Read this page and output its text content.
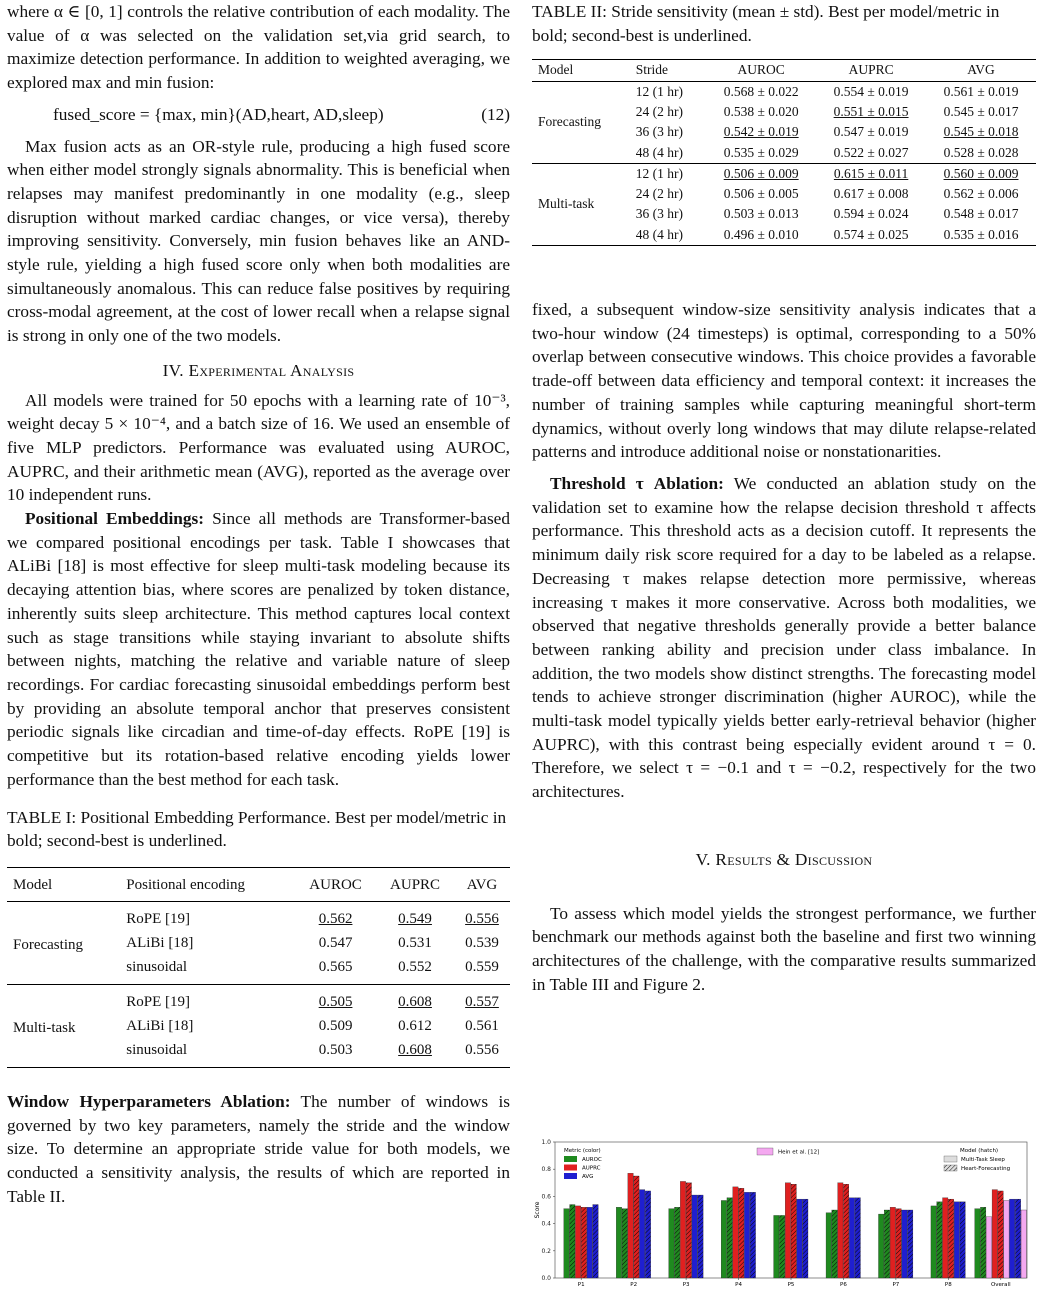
where α ∈ [0, 1] controls the relative contribution of each modality. The value of α was selected on the validation set,via grid search, to maximize detection performance. In addition to weighted averaging, we explored max and min fusion:

fused_score = {max, min}(AD,heart, AD,sleep)	(12)

Max fusion acts as an OR-style rule, producing a high fused score when either model strongly signals abnormality. This is beneficial when relapses may manifest predominantly in one modality (e.g., sleep disruption without marked cardiac changes, or vice versa), thereby improving sensitivity. Conversely, min fusion behaves like an AND-style rule, yielding a high fused score only when both modalities are simultaneously anomalous. This can reduce false positives by requiring cross-modal agreement, at the cost of lower recall when a relapse signal is strong in only one of the two models.

IV. Experimental Analysis

All models were trained for 50 epochs with a learning rate of 10⁻³, weight decay 5 × 10⁻⁴, and a batch size of 16. We used an ensemble of five MLP predictors. Performance was evaluated using AUROC, AUPRC, and their arithmetic mean (AVG), reported as the average over 10 independent runs.

Positional Embeddings: Since all methods are Transformer-based we compared positional encodings per task. Table I showcases that ALiBi [18] is most effective for sleep multi-task modeling because its decaying attention bias, where scores are penalized by token distance, inherently suits sleep architecture. This method captures local context such as stage transitions while staying invariant to absolute shifts between nights, matching the relative and variable nature of sleep recordings. For cardiac forecasting sinusoidal embeddings perform best by providing an absolute temporal anchor that preserves consistent periodic signals like circadian and time-of-day effects. RoPE [19] is competitive but its rotation-based relative encoding yields lower performance than the best method for each task.

TABLE I: Positional Embedding Performance. Best per model/metric in bold; second-best is underlined.

Model	Positional encoding	AUROC	AUPRC	AVG
Forecasting	RoPE [19]	0.562	0.549	0.556
	ALiBi [18]	0.547	0.531	0.539
	sinusoidal	0.565	0.552	0.559
Multi-task	RoPE [19]	0.505	0.608	0.557
	ALiBi [18]	0.509	0.612	0.561
	sinusoidal	0.503	0.608	0.556

Window Hyperparameters Ablation: The number of windows is governed by two key parameters, namely the stride and the window size. To determine an appropriate stride value for both models, we conducted a sensitivity analysis, the results of which are reported in Table II.

TABLE II: Stride sensitivity (mean ± std). Best per model/metric in bold; second-best is underlined.

Model	Stride	AUROC	AUPRC	AVG
Forecasting	12 (1 hr)	0.568 ± 0.022	0.554 ± 0.019	0.561 ± 0.019
	24 (2 hr)	0.538 ± 0.020	0.551 ± 0.015	0.545 ± 0.017
	36 (3 hr)	0.542 ± 0.019	0.547 ± 0.019	0.545 ± 0.018
	48 (4 hr)	0.535 ± 0.029	0.522 ± 0.027	0.528 ± 0.028
Multi-task	12 (1 hr)	0.506 ± 0.009	0.615 ± 0.011	0.560 ± 0.009
	24 (2 hr)	0.506 ± 0.005	0.617 ± 0.008	0.562 ± 0.006
	36 (3 hr)	0.503 ± 0.013	0.594 ± 0.024	0.548 ± 0.017
	48 (4 hr)	0.496 ± 0.010	0.574 ± 0.025	0.535 ± 0.016

fixed, a subsequent window-size sensitivity analysis indicates that a two-hour window (24 timesteps) is optimal, corresponding to a 50% overlap between consecutive windows. This choice provides a favorable trade-off between data efficiency and temporal context: it increases the number of training samples while capturing meaningful short-term dynamics, without overly long windows that may dilute relapse-related patterns and introduce additional noise or nonstationarities.

Threshold τ Ablation: We conducted an ablation study on the validation set to examine how the relapse decision threshold τ affects performance. This threshold acts as a decision cutoff. It represents the minimum daily risk score required for a day to be labeled as a relapse. Decreasing τ makes relapse detection more permissive, whereas increasing τ makes it more conservative. Across both modalities, we observed that negative thresholds generally provide a better balance between ranking ability and precision under class imbalance. In addition, the two models show distinct strengths. The forecasting model tends to achieve stronger discrimination (higher AUROC), while the multi-task model typically yields better early-retrieval behavior (higher AUPRC), with this contrast being especially evident around τ = 0. Therefore, we select τ = −0.1 and τ = −0.2, respectively for the two architectures.

V. Results & Discussion

To assess which model yields the strongest performance, we further benchmark our methods against both the baseline and first two winning architectures of the challenge, with the comparative results summarized in Table III and Figure 2.

0.0
0.2
0.4
0.6
0.8
1.0
Score
P1	P2	P3	P4	P5	P6	P7	P8	Overall
Metric (color)
AUROC
AUPRC
AVG
Hein et al. [12]	Model (hatch)
Multi-Task Sleep
Heart-Forecasting
